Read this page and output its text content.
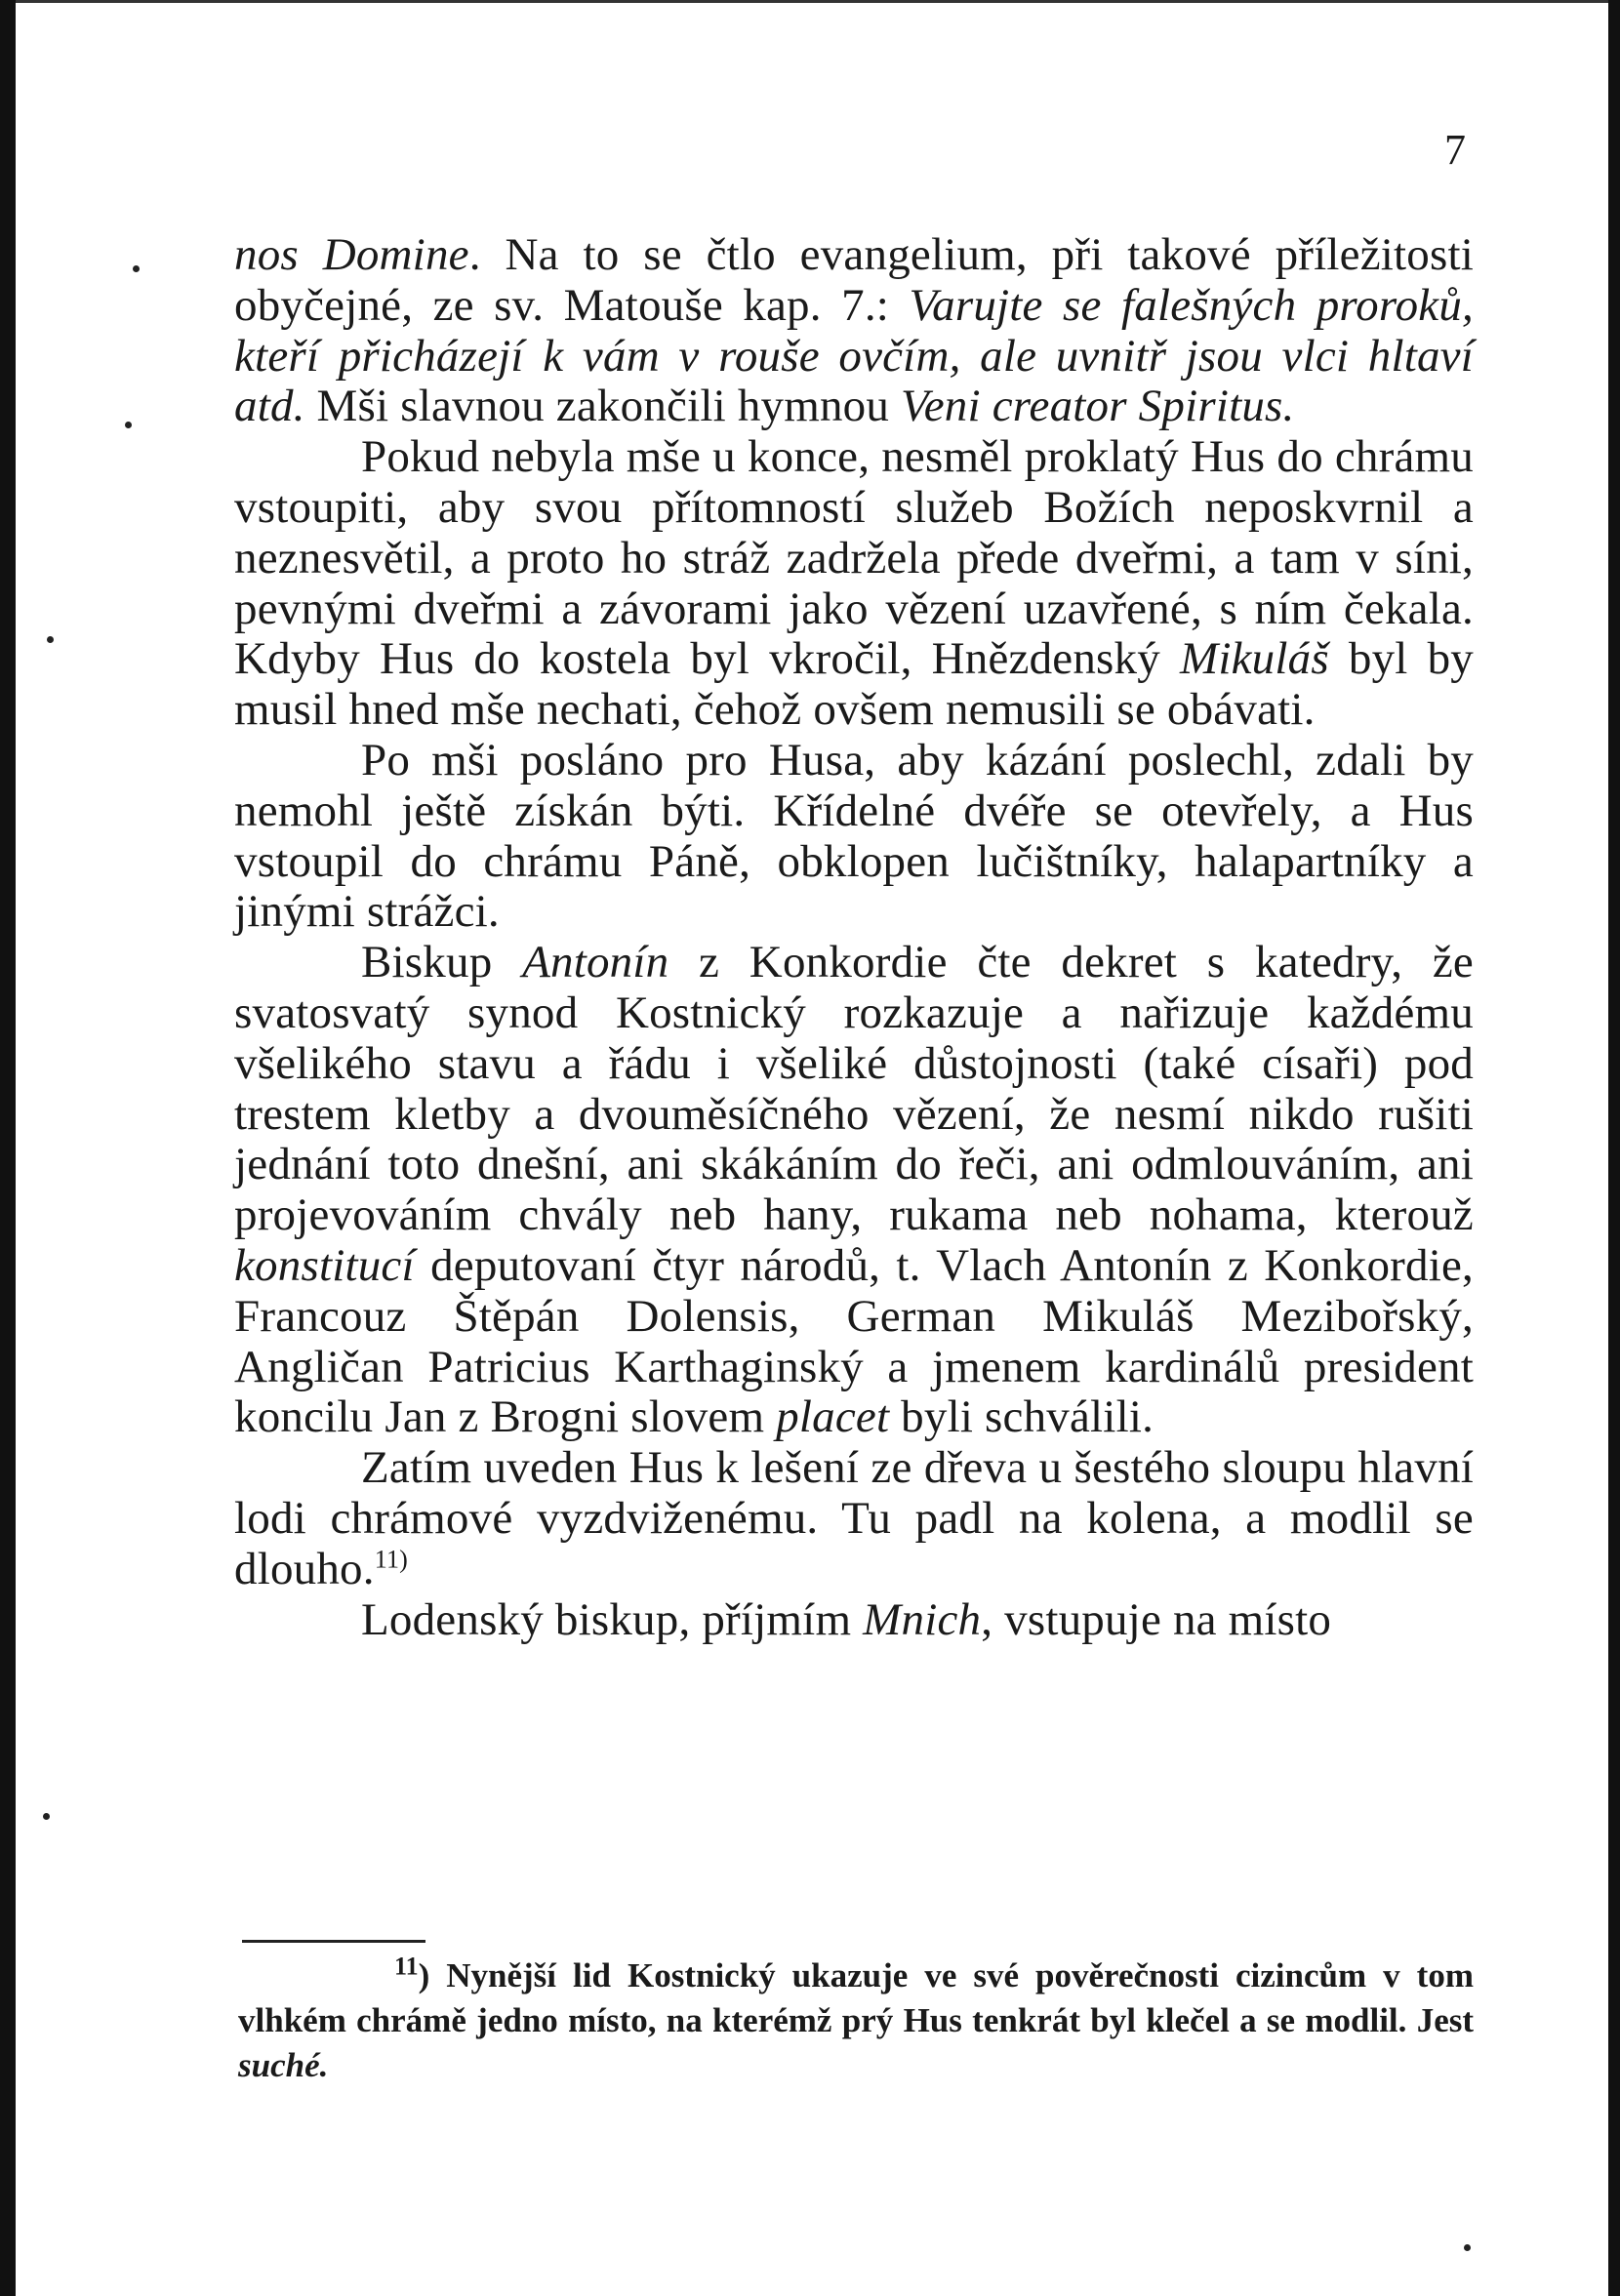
7

nos Domine. Na to se čtlo evangelium, při takové příležitosti obyčejné, ze sv. Matouše kap. 7.: Varujte se falešných proroků, kteří přicházejí k vám v rouše ovčím, ale uvnitř jsou vlci hltaví atd. Mši slavnou zakončili hymnou Veni creator Spiritus.

Pokud nebyla mše u konce, nesměl proklatý Hus do chrámu vstoupiti, aby svou přítomností služeb Božích neposkvrnil a neznesvětil, a proto ho stráž zadržela přede dveřmi, a tam v síni, pevnými dveřmi a závorami jako vězení uzavřené, s ním čekala. Kdyby Hus do kostela byl vkročil, Hnězdenský Mikuláš byl by musil hned mše nechati, čehož ovšem nemusili se obávati.

Po mši posláno pro Husa, aby kázání poslechl, zdali by nemohl ještě získán býti. Křídelné dvéře se otevřely, a Hus vstoupil do chrámu Páně, obklopen lučištníky, halapartníky a jinými strážci.

Biskup Antonín z Konkordie čte dekret s katedry, že svatosvatý synod Kostnický rozkazuje a nařizuje každému všelikého stavu a řádu i všeliké důstojnosti (také císaři) pod trestem kletby a dvouměsíčného vězení, že nesmí nikdo rušiti jednání toto dnešní, ani skákáním do řeči, ani odmlouváním, ani projevováním chvály neb hany, rukama neb nohama, kterouž konstitucí deputovaní čtyr národů, t. Vlach Antonín z Konkordie, Francouz Štěpán Dolensis, German Mikuláš Mezibořský, Angličan Patricius Karthaginský a jmenem kardinálů president koncilu Jan z Brogni slovem placet byli schválili.

Zatím uveden Hus k lešení ze dřeva u šestého sloupu hlavní lodi chrámové vyzdviženému. Tu padl na kolena, a modlil se dlouho.$^{11)}$

Lodenský biskup, příjmím Mnich, vstupuje na místo

$^{11}$) Nynější lid Kostnický ukazuje ve své pověrečnosti cizincům v tom vlhkém chrámě jedno místo, na kterémž prý Hus tenkrát byl klečel a se modlil. Jest suché.
